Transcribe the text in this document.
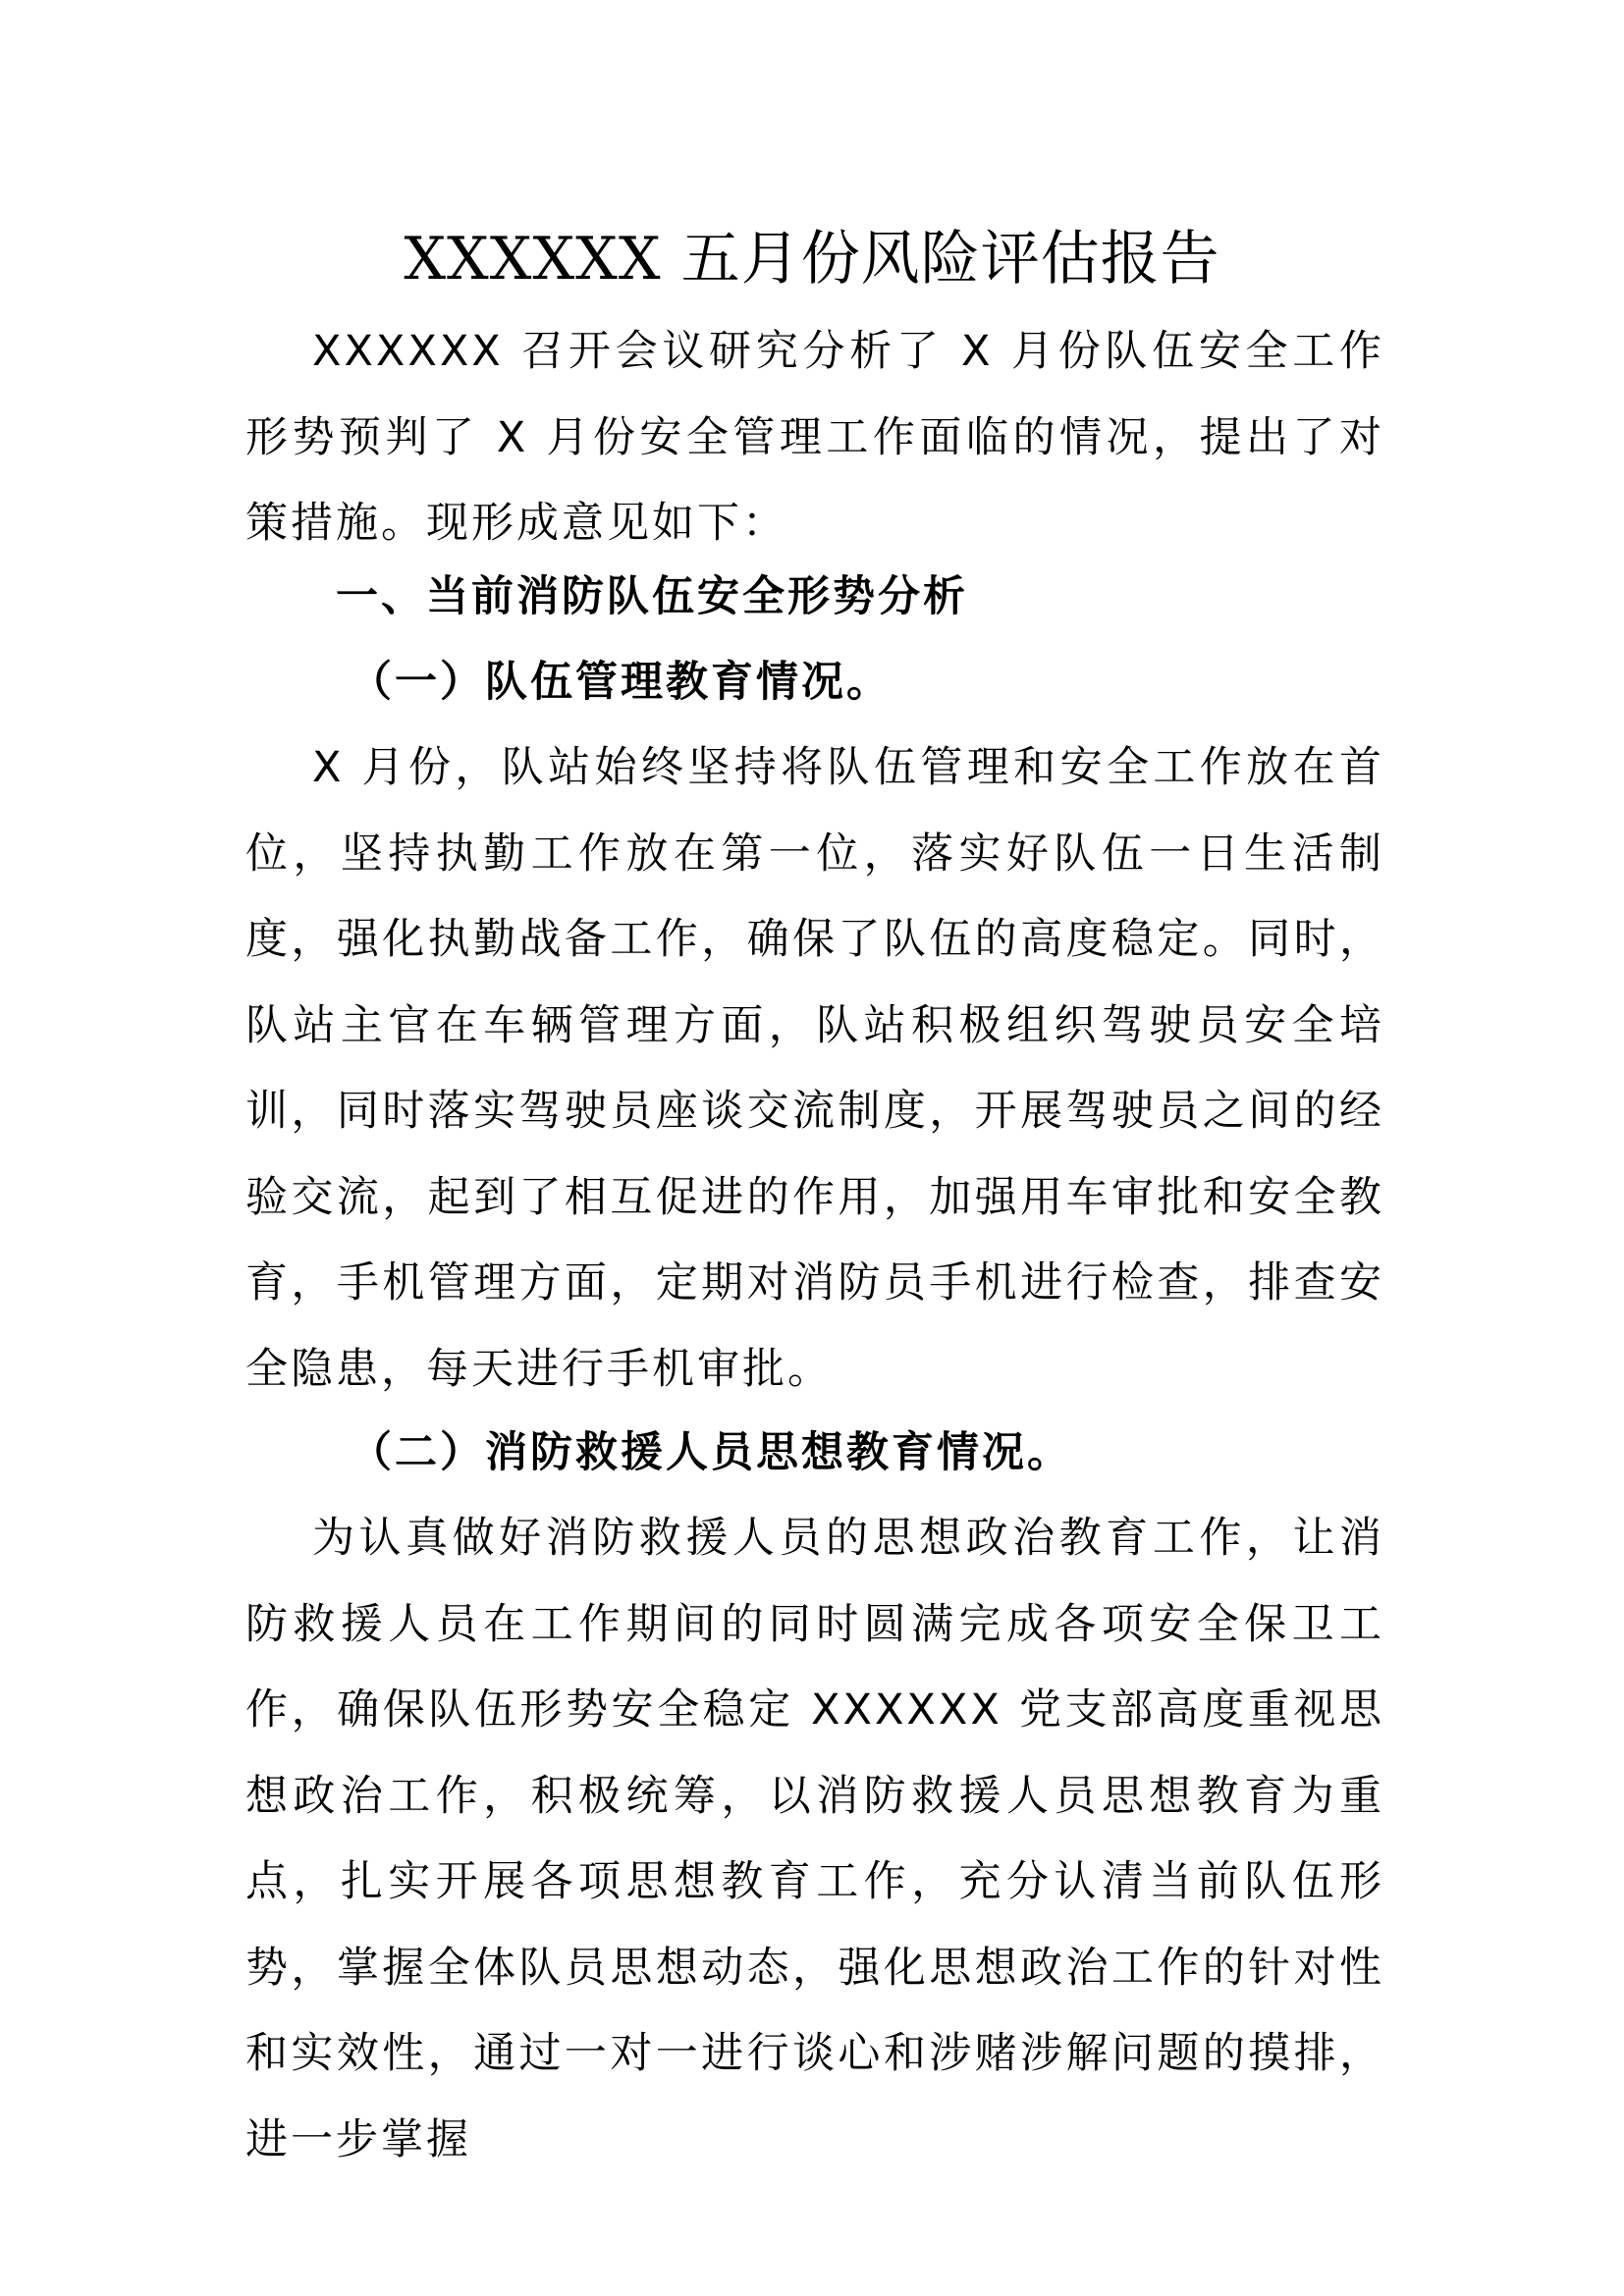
XXXXXX 五月份风险评估报告

XXXXXX 召开会议研究分析了 X 月份队伍安全工作形势预判了 X 月份安全管理工作面临的情况，提出了对策措施。现形成意见如下：

一、当前消防队伍安全形势分析
（一）队伍管理教育情况。

X 月份，队站始终坚持将队伍管理和安全工作放在首位，坚持执勤工作放在第一位，落实好队伍一日生活制度，强化执勤战备工作，确保了队伍的高度稳定。同时，队站主官在车辆管理方面，队站积极组织驾驶员安全培训，同时落实驾驶员座谈交流制度，开展驾驶员之间的经验交流，起到了相互促进的作用，加强用车审批和安全教育，手机管理方面，定期对消防员手机进行检查，排查安全隐患，每天进行手机审批。

（二）消防救援人员思想教育情况。

为认真做好消防救援人员的思想政治教育工作，让消防救援人员在工作期间的同时圆满完成各项安全保卫工作，确保队伍形势安全稳定 XXXXXX 党支部高度重视思想政治工作，积极统筹，以消防救援人员思想教育为重点，扎实开展各项思想教育工作，充分认清当前队伍形势，掌握全体队员思想动态，强化思想政治工作的针对性和实效性，通过一对一进行谈心和涉赌涉解问题的摸排，进一步掌握
